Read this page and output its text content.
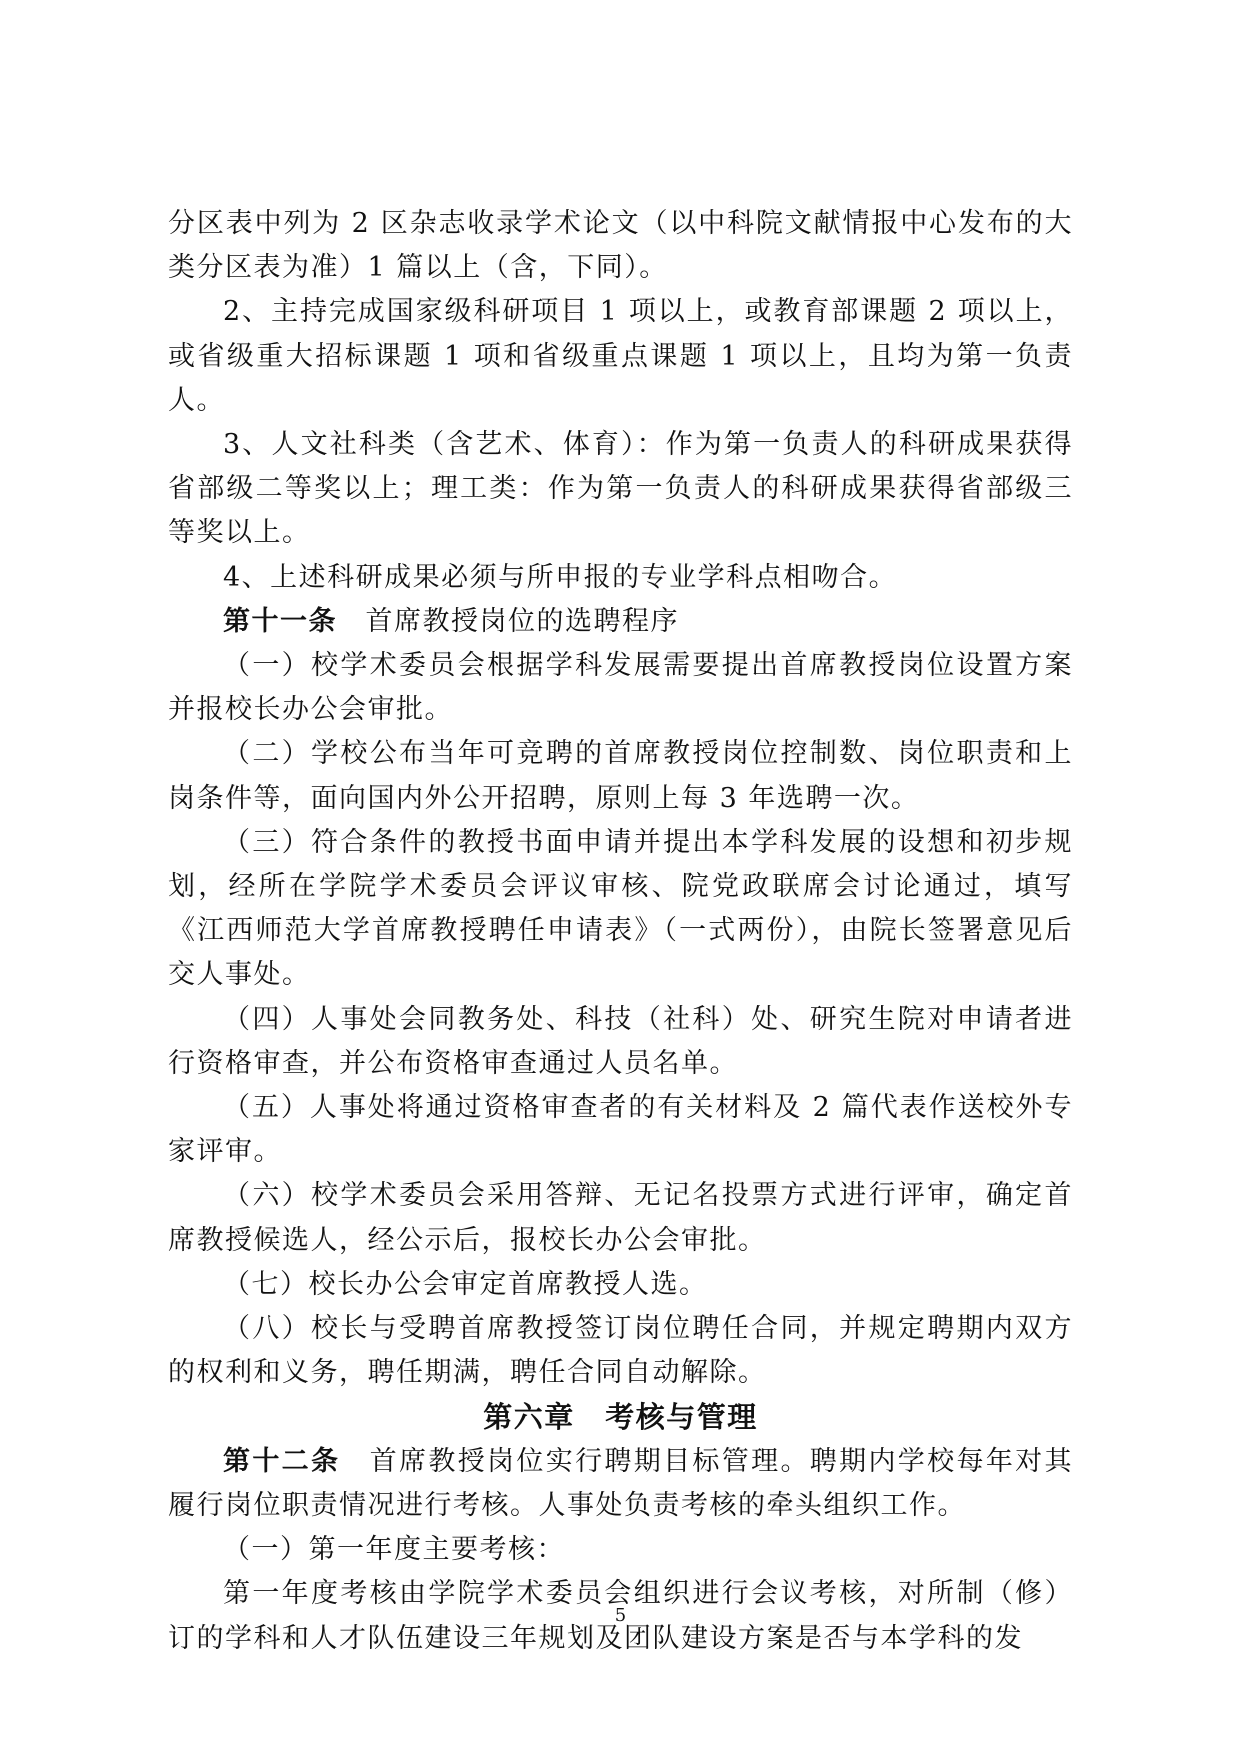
分区表中列为 2 区杂志收录学术论文（以中科院文献情报中心发布的大类分区表为准）1 篇以上（含，下同）。

2、主持完成国家级科研项目 1 项以上，或教育部课题 2 项以上，或省级重大招标课题 1 项和省级重点课题 1 项以上，且均为第一负责人。

3、人文社科类（含艺术、体育）：作为第一负责人的科研成果获得省部级二等奖以上；理工类：作为第一负责人的科研成果获得省部级三等奖以上。

4、上述科研成果必须与所申报的专业学科点相吻合。

第十一条　首席教授岗位的选聘程序

（一）校学术委员会根据学科发展需要提出首席教授岗位设置方案并报校长办公会审批。

（二）学校公布当年可竞聘的首席教授岗位控制数、岗位职责和上岗条件等，面向国内外公开招聘，原则上每 3 年选聘一次。

（三）符合条件的教授书面申请并提出本学科发展的设想和初步规划，经所在学院学术委员会评议审核、院党政联席会讨论通过，填写《江西师范大学首席教授聘任申请表》（一式两份），由院长签署意见后交人事处。

（四）人事处会同教务处、科技（社科）处、研究生院对申请者进行资格审查，并公布资格审查通过人员名单。

（五）人事处将通过资格审查者的有关材料及 2 篇代表作送校外专家评审。

（六）校学术委员会采用答辩、无记名投票方式进行评审，确定首席教授候选人，经公示后，报校长办公会审批。

（七）校长办公会审定首席教授人选。

（八）校长与受聘首席教授签订岗位聘任合同，并规定聘期内双方的权利和义务，聘任期满，聘任合同自动解除。

第六章　考核与管理

第十二条　首席教授岗位实行聘期目标管理。聘期内学校每年对其履行岗位职责情况进行考核。人事处负责考核的牵头组织工作。

（一）第一年度主要考核：

第一年度考核由学院学术委员会组织进行会议考核，对所制（修）订的学科和人才队伍建设三年规划及团队建设方案是否与本学科的发

5
